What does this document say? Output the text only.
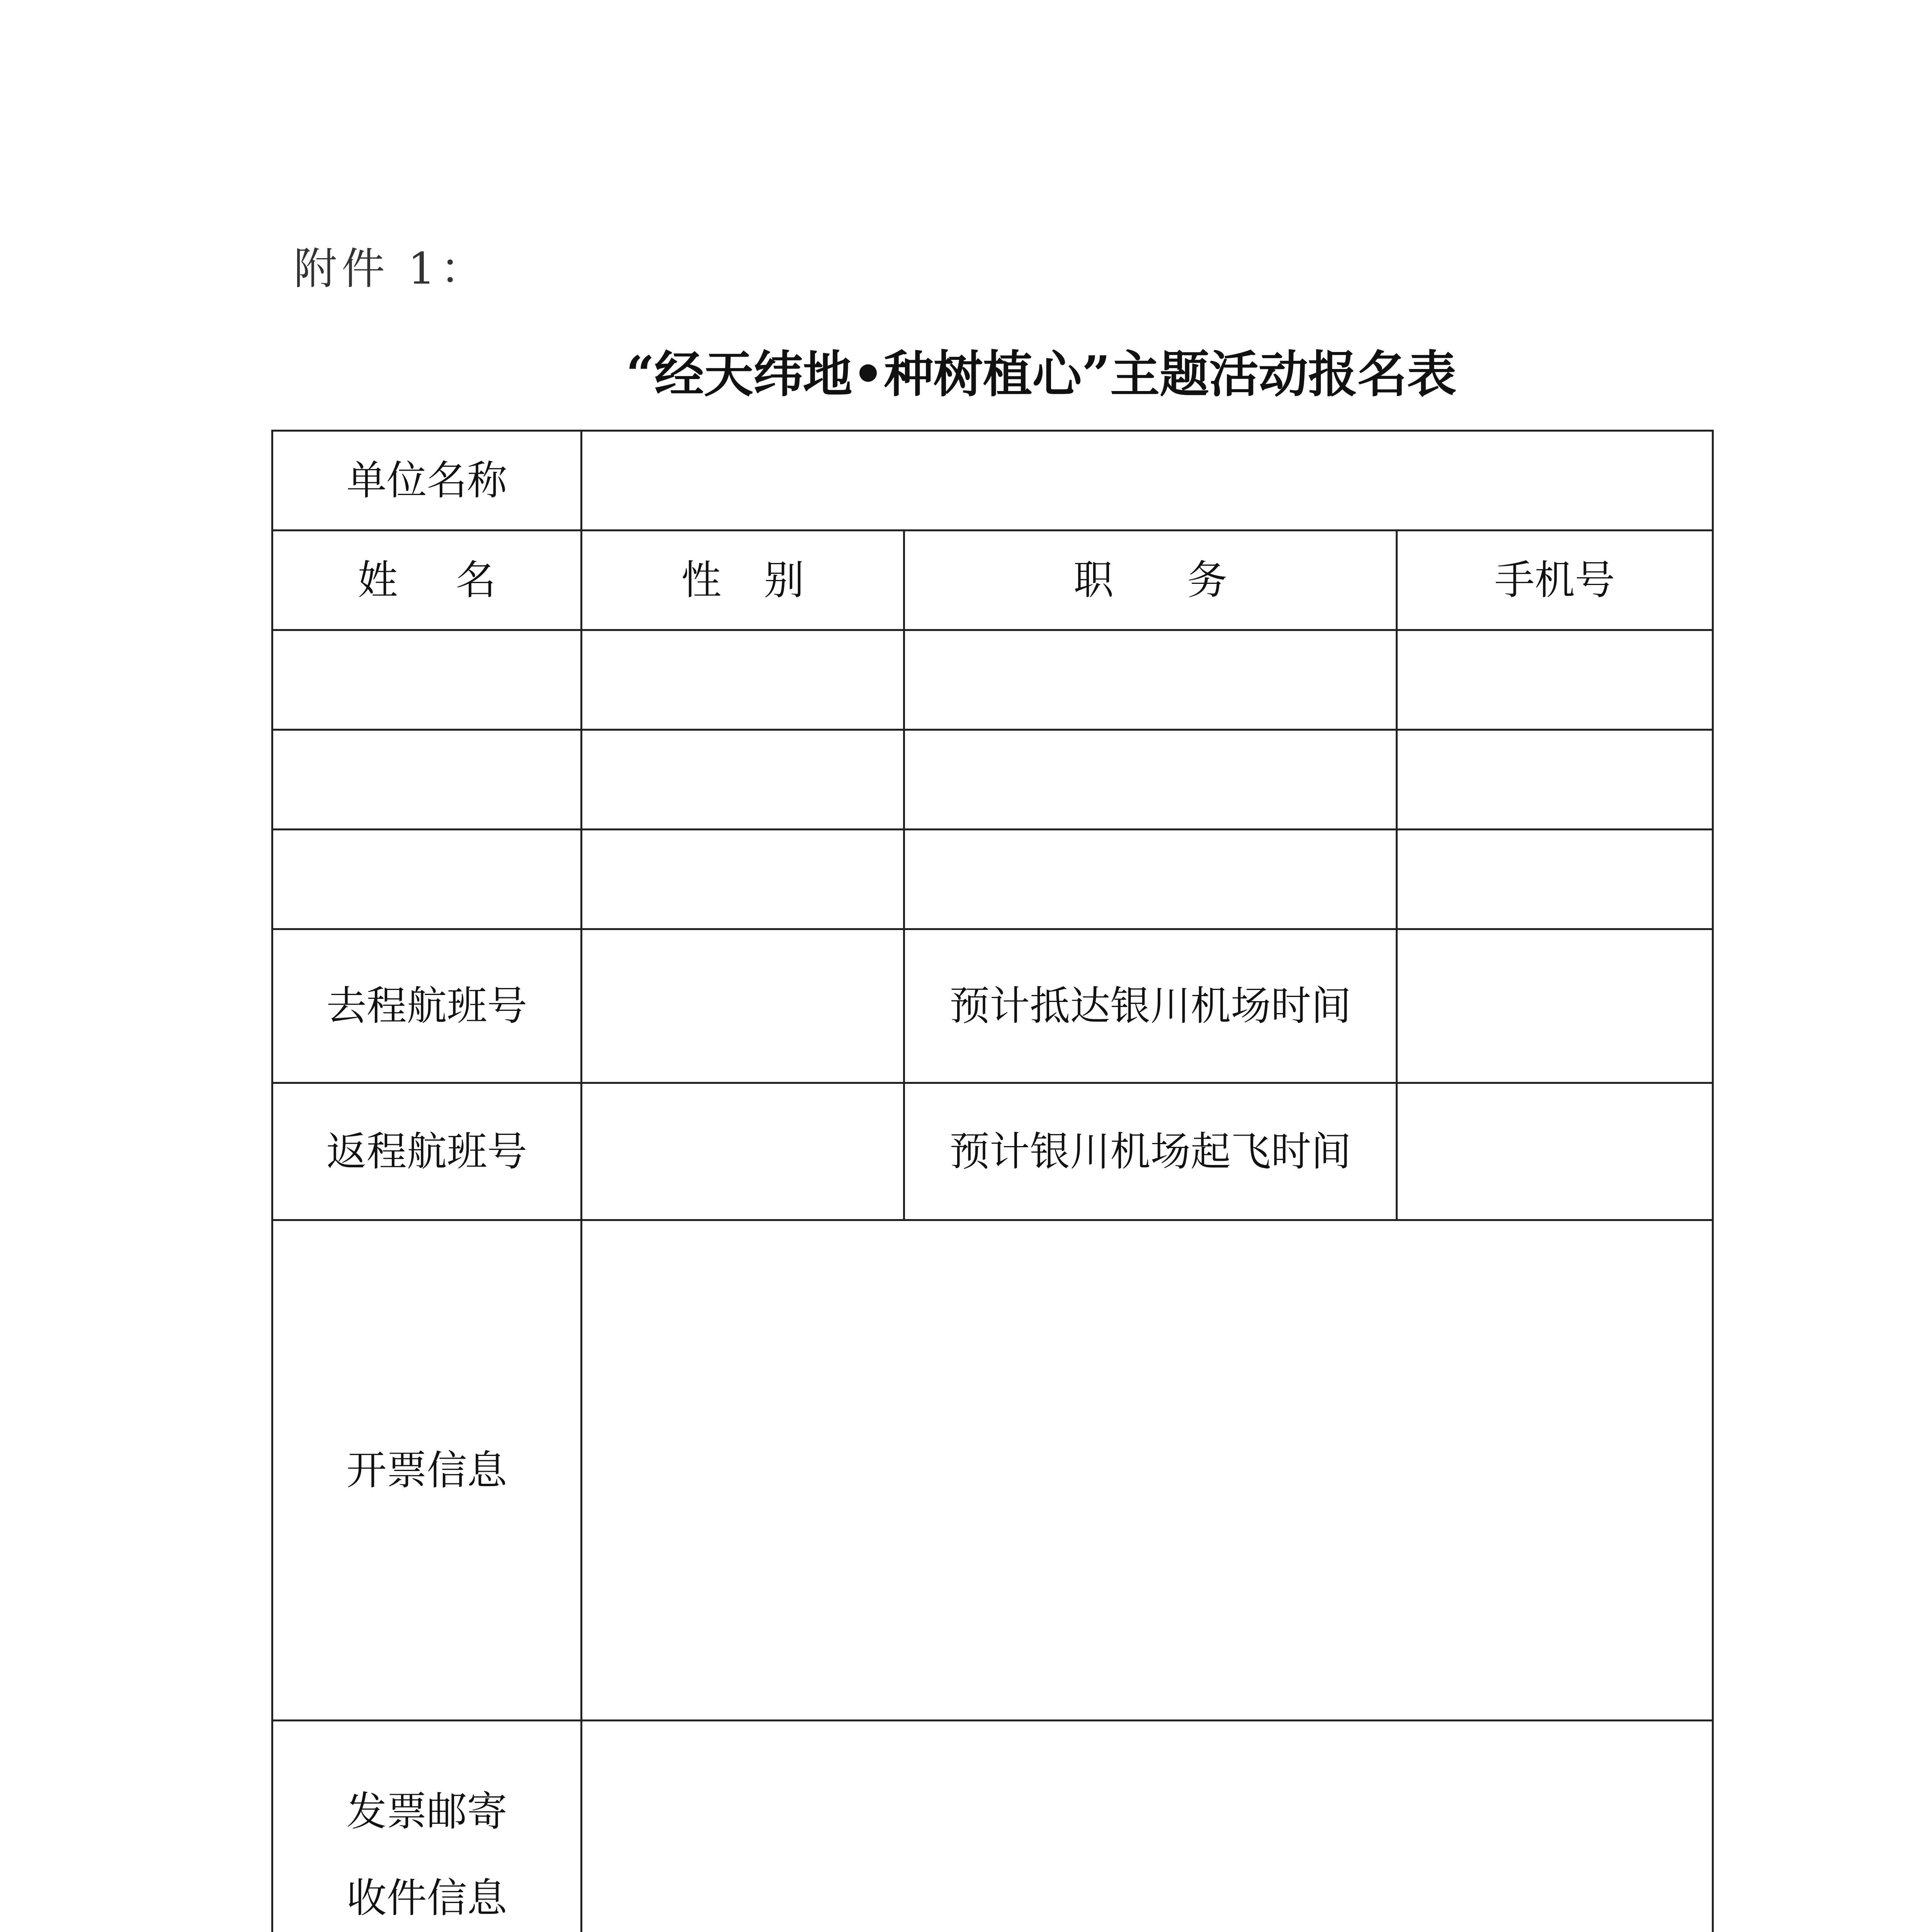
附件 1：
“经天纬地•种树植心”主题活动报名表
单位名称			
姓 名	性 别	职 务	手机号

去程航班号		预计抵达银川机场时间	
返程航班号		预计银川机场起飞时间	
开票信息			

发票邮寄
收件信息			
